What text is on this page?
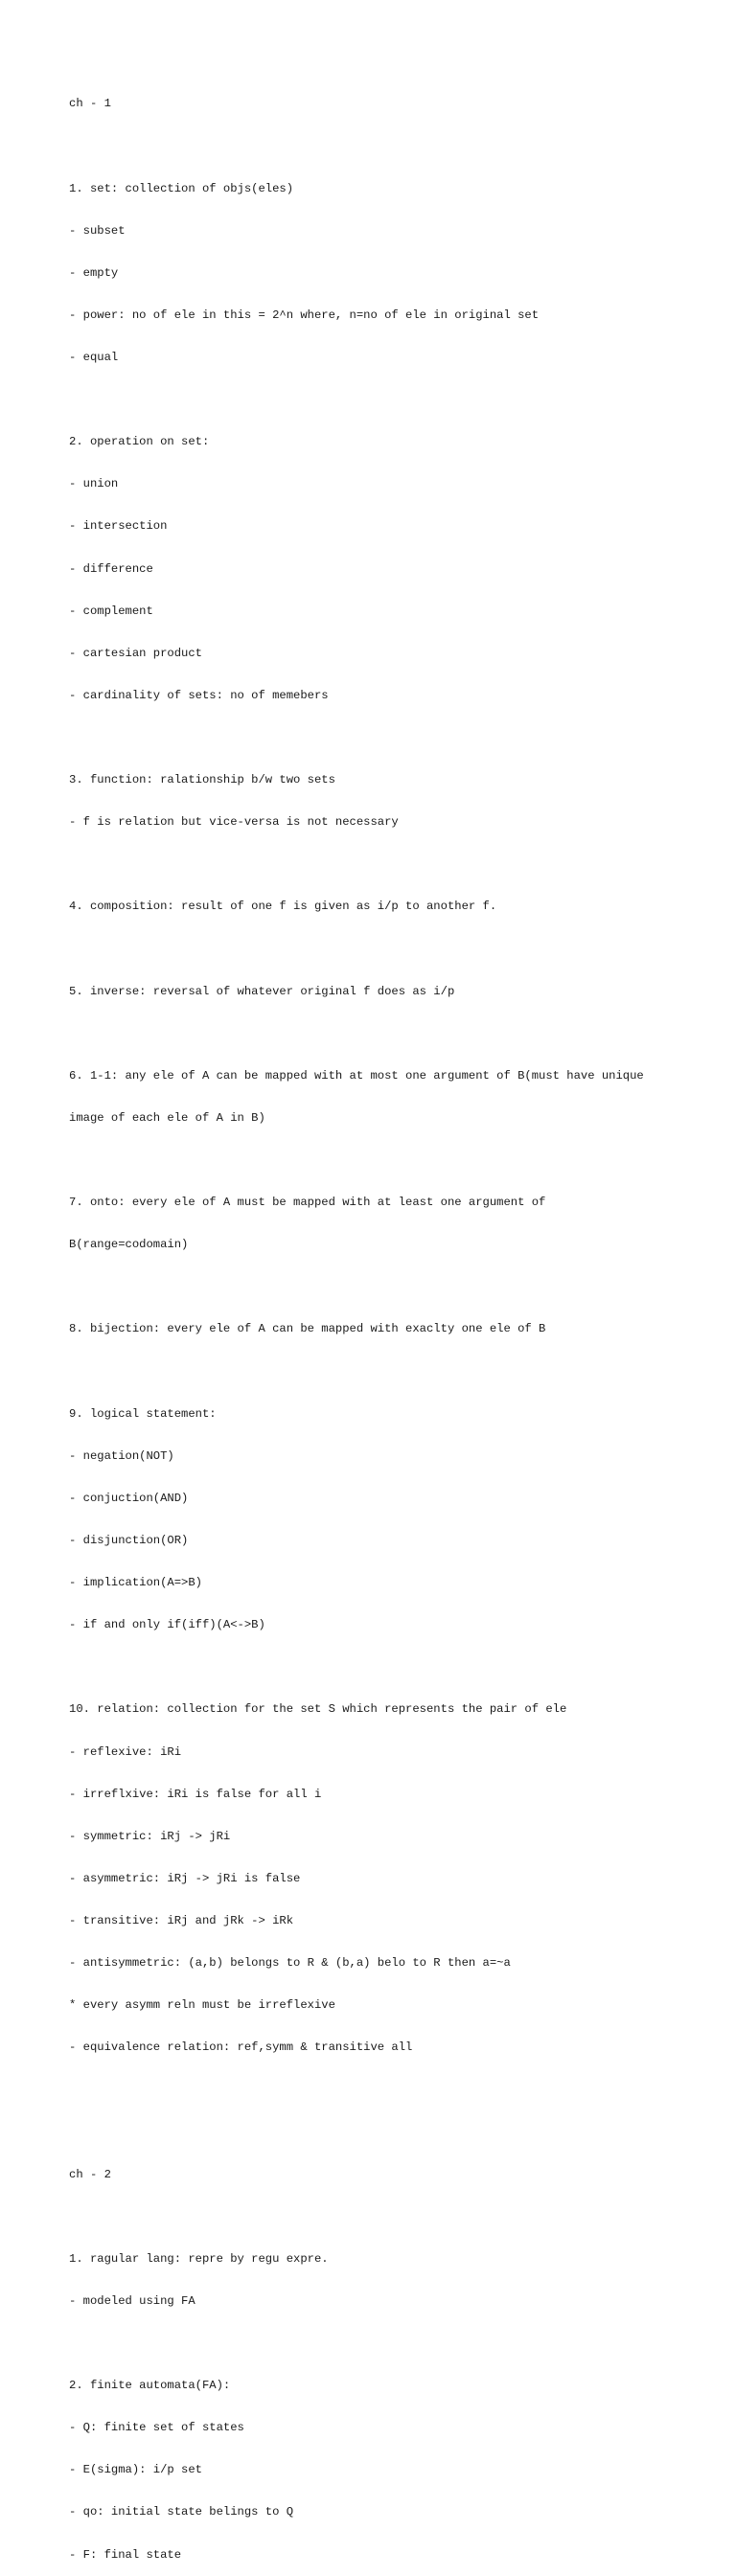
ch - 1

1. set: collection of objs(eles)

- subset

- empty

- power: no of ele in this = 2^n where, n=no of ele in original set

- equal

2. operation on set:

- union

- intersection

- difference

- complement

- cartesian product

- cardinality of sets: no of memebers

3. function: ralationship b/w two sets

- f is relation but vice-versa is not necessary

4. composition: result of one f is given as i/p to another f.

5. inverse: reversal of whatever original f does as i/p

6. 1-1: any ele of A can be mapped with at most one argument of B(must have unique

image of each ele of A in B)

7. onto: every ele of A must be mapped with at least one argument of

B(range=codomain)

8. bijection: every ele of A can be mapped with exaclty one ele of B

9. logical statement:

- negation(NOT)

- conjuction(AND)

- disjunction(OR)

- implication(A=>B)

- if and only if(iff)(A<->B)

10. relation: collection for the set S which represents the pair of ele

- reflexive: iRi

- irreflxive: iRi is false for all i

- symmetric: iRj -> jRi

- asymmetric: iRj -> jRi is false

- transitive: iRj and jRk -> iRk

- antisymmetric: (a,b) belongs to R & (b,a) belo to R then a=~a

* every asymm reln must be irreflexive

- equivalence relation: ref,symm & transitive all

ch - 2

1. ragular lang: repre by regu expre.

- modeled using FA

2. finite automata(FA):

- Q: finite set of states

- E(sigma): i/p set

- qo: initial state belings to Q

- F: final state
